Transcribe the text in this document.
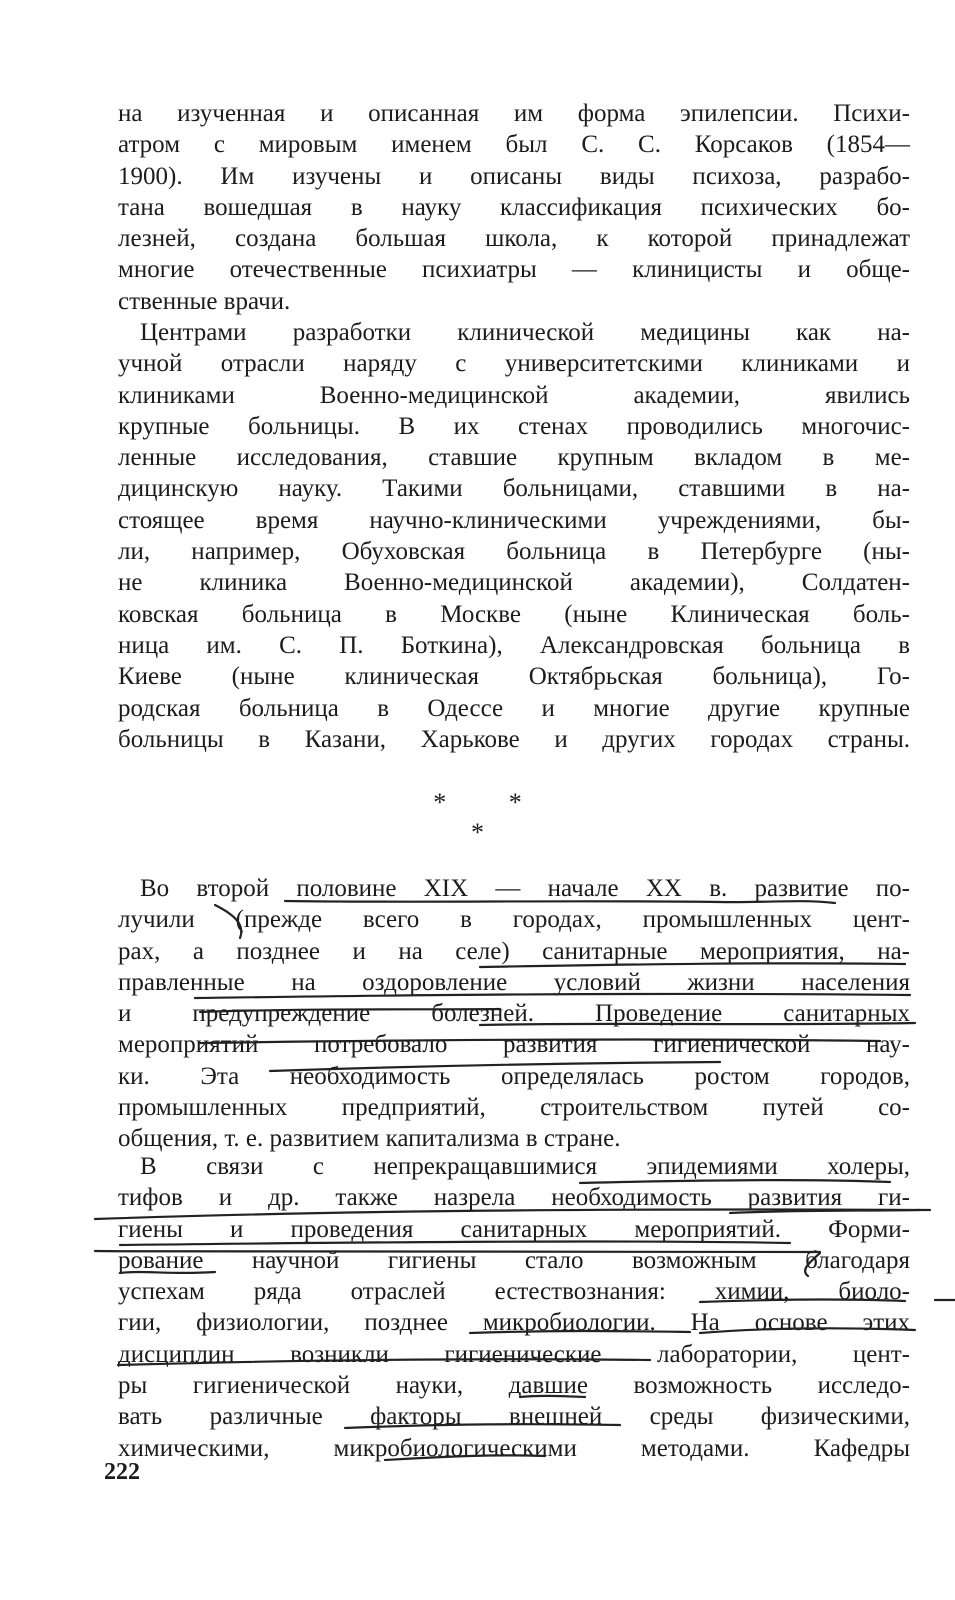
на изученная и описанная им форма эпилепсии. Психи-
атром с мировым именем был С. С. Корсаков (1854—
1900). Им изучены и описаны виды психоза, разрабо-
тана вошедшая в науку классификация психических бо-
лезней, создана большая школа, к которой принадлежат
многие отечественные психиатры — клиницисты и обще-
ственные врачи.
Центрами разработки клинической медицины как на-
учной отрасли наряду с университетскими клиниками и
клиниками Военно-медицинской академии, явились
крупные больницы. В их стенах проводились многочис-
ленные исследования, ставшие крупным вкладом в ме-
дицинскую науку. Такими больницами, ставшими в на-
стоящее время научно-клиническими учреждениями, бы-
ли, например, Обуховская больница в Петербурге (ны-
не клиника Военно-медицинской академии), Солдатен-
ковская больница в Москве (ныне Клиническая боль-
ница им. С. П. Боткина), Александровская больница в
Киеве (ныне клиническая Октябрьская больница), Го-
родская больница в Одессе и многие другие крупные
больницы в Казани, Харькове и других городах страны.
* *
*
Во второй половине XIX — начале XX в. развитие по-
лучили (прежде всего в городах, промышленных цент-
рах, а позднее и на селе) санитарные мероприятия, на-
правленные на оздоровление условий жизни населения
и предупреждение болезней. Проведение санитарных
мероприятий потребовало развития гигиенической нау-
ки. Эта необходимость определялась ростом городов,
промышленных предприятий, строительством путей со-
общения, т. е. развитием капитализма в стране.
В связи с непрекращавшимися эпидемиями холеры,
тифов и др. также назрела необходимость развития ги-
гиены и проведения санитарных мероприятий. Форми-
рование научной гигиены стало возможным благодаря
успехам ряда отраслей естествознания: химии, биоло-
гии, физиологии, позднее микробиологии. На основе этих
дисциплин возникли гигиенические лаборатории, цент-
ры гигиенической науки, давшие возможность исследо-
вать различные факторы внешней среды физическими,
химическими, микробиологическими методами. Кафедры
222
